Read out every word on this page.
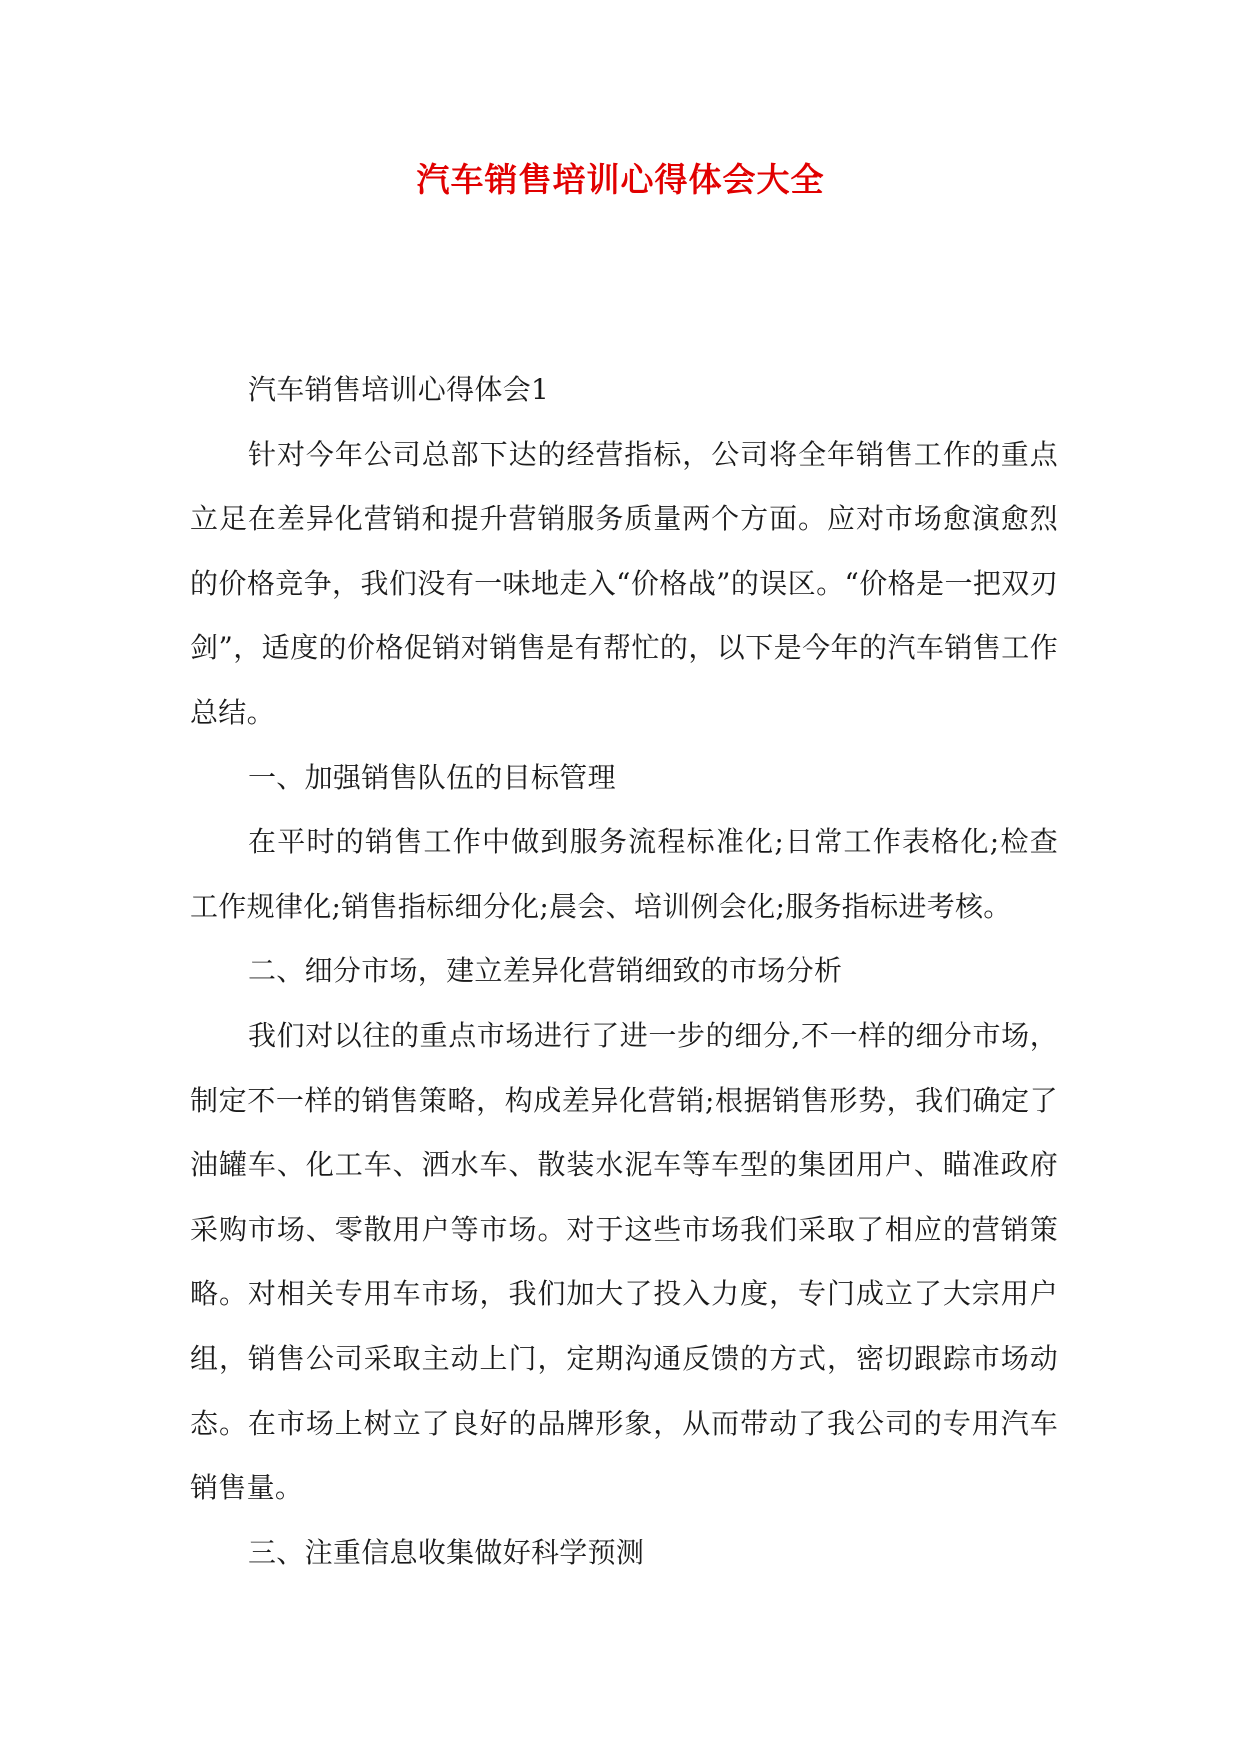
汽车销售培训心得体会大全

汽车销售培训心得体会1

针对今年公司总部下达的经营指标，公司将全年销售工作的重点立足在差异化营销和提升营销服务质量两个方面。应对市场愈演愈烈的价格竞争，我们没有一味地走入“价格战”的误区。“价格是一把双刃剑”，适度的价格促销对销售是有帮忙的，以下是今年的汽车销售工作总结。

一、加强销售队伍的目标管理

在平时的销售工作中做到服务流程标准化;日常工作表格化;检查工作规律化;销售指标细分化;晨会、培训例会化;服务指标进考核。

二、细分市场，建立差异化营销细致的市场分析

我们对以往的重点市场进行了进一步的细分,不一样的细分市场，制定不一样的销售策略，构成差异化营销;根据销售形势，我们确定了油罐车、化工车、洒水车、散装水泥车等车型的集团用户、瞄准政府采购市场、零散用户等市场。对于这些市场我们采取了相应的营销策略。对相关专用车市场，我们加大了投入力度，专门成立了大宗用户组，销售公司采取主动上门，定期沟通反馈的方式，密切跟踪市场动态。在市场上树立了良好的品牌形象，从而带动了我公司的专用汽车销售量。

三、注重信息收集做好科学预测
